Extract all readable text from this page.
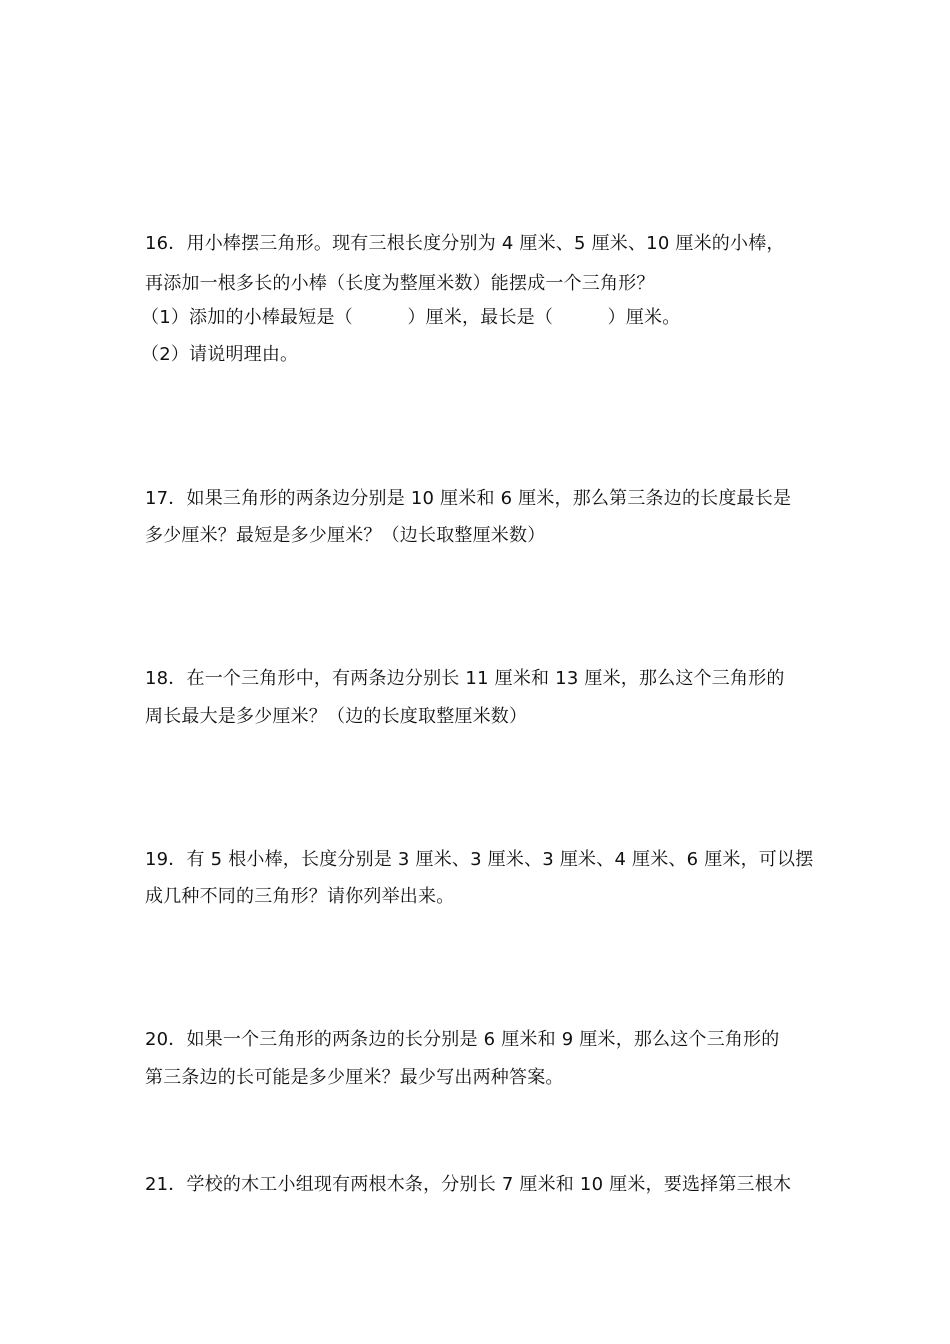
16．用小棒摆三角形。现有三根长度分别为 4 厘米、5 厘米、10 厘米的小棒，
再添加一根多长的小棒（长度为整厘米数）能摆成一个三角形？
（1）添加的小棒最短是（　　　）厘米，最长是（　　　）厘米。
（2）请说明理由。
17．如果三角形的两条边分别是 10 厘米和 6 厘米，那么第三条边的长度最长是
多少厘米？最短是多少厘米？（边长取整厘米数）
18．在一个三角形中，有两条边分别长 11 厘米和 13 厘米，那么这个三角形的
周长最大是多少厘米？（边的长度取整厘米数）
19．有 5 根小棒，长度分别是 3 厘米、3 厘米、3 厘米、4 厘米、6 厘米，可以摆
成几种不同的三角形？请你列举出来。
20．如果一个三角形的两条边的长分别是 6 厘米和 9 厘米，那么这个三角形的
第三条边的长可能是多少厘米？最少写出两种答案。
21．学校的木工小组现有两根木条，分别长 7 厘米和 10 厘米，要选择第三根木
